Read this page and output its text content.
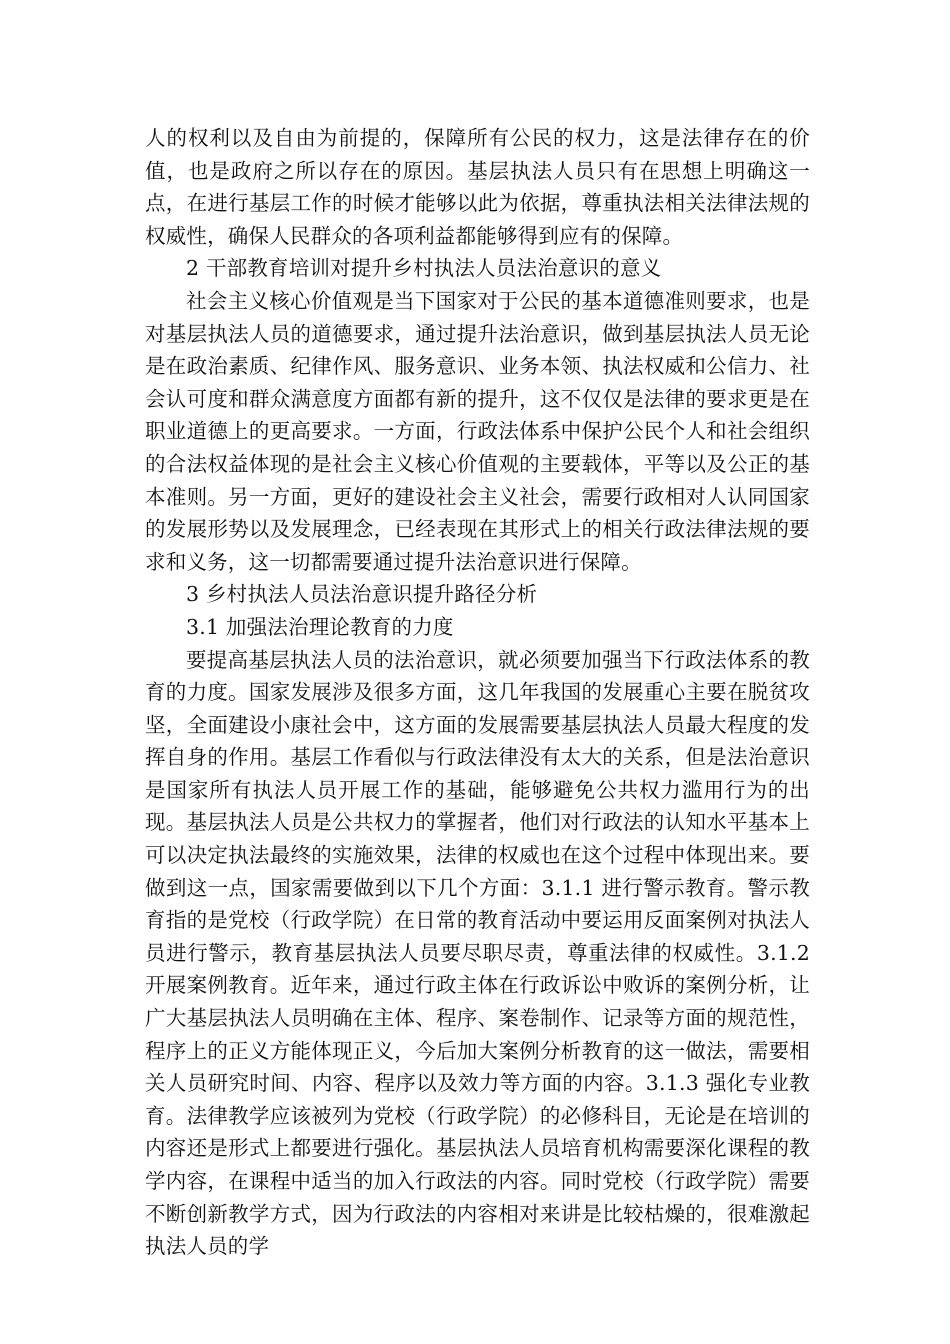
人的权利以及自由为前提的，保障所有公民的权力，这是法律存在的价值，也是政府之所以存在的原因。基层执法人员只有在思想上明确这一点，在进行基层工作的时候才能够以此为依据，尊重执法相关法律法规的权威性，确保人民群众的各项利益都能够得到应有的保障。

2 干部教育培训对提升乡村执法人员法治意识的意义

社会主义核心价值观是当下国家对于公民的基本道德准则要求，也是对基层执法人员的道德要求，通过提升法治意识，做到基层执法人员无论是在政治素质、纪律作风、服务意识、业务本领、执法权威和公信力、社会认可度和群众满意度方面都有新的提升，这不仅仅是法律的要求更是在职业道德上的更高要求。一方面，行政法体系中保护公民个人和社会组织的合法权益体现的是社会主义核心价值观的主要载体，平等以及公正的基本准则。另一方面，更好的建设社会主义社会，需要行政相对人认同国家的发展形势以及发展理念，已经表现在其形式上的相关行政法律法规的要求和义务，这一切都需要通过提升法治意识进行保障。

3 乡村执法人员法治意识提升路径分析

3.1 加强法治理论教育的力度

要提高基层执法人员的法治意识，就必须要加强当下行政法体系的教育的力度。国家发展涉及很多方面，这几年我国的发展重心主要在脱贫攻坚，全面建设小康社会中，这方面的发展需要基层执法人员最大程度的发挥自身的作用。基层工作看似与行政法律没有太大的关系，但是法治意识是国家所有执法人员开展工作的基础，能够避免公共权力滥用行为的出现。基层执法人员是公共权力的掌握者，他们对行政法的认知水平基本上可以决定执法最终的实施效果，法律的权威也在这个过程中体现出来。要做到这一点，国家需要做到以下几个方面：3.1.1 进行警示教育。警示教育指的是党校（行政学院）在日常的教育活动中要运用反面案例对执法人员进行警示，教育基层执法人员要尽职尽责，尊重法律的权威性。3.1.2 开展案例教育。近年来，通过行政主体在行政诉讼中败诉的案例分析，让广大基层执法人员明确在主体、程序、案卷制作、记录等方面的规范性，程序上的正义方能体现正义，今后加大案例分析教育的这一做法，需要相关人员研究时间、内容、程序以及效力等方面的内容。3.1.3 强化专业教育。法律教学应该被列为党校（行政学院）的必修科目，无论是在培训的内容还是形式上都要进行强化。基层执法人员培育机构需要深化课程的教学内容，在课程中适当的加入行政法的内容。同时党校（行政学院）需要不断创新教学方式，因为行政法的内容相对来讲是比较枯燥的，很难激起执法人员的学
